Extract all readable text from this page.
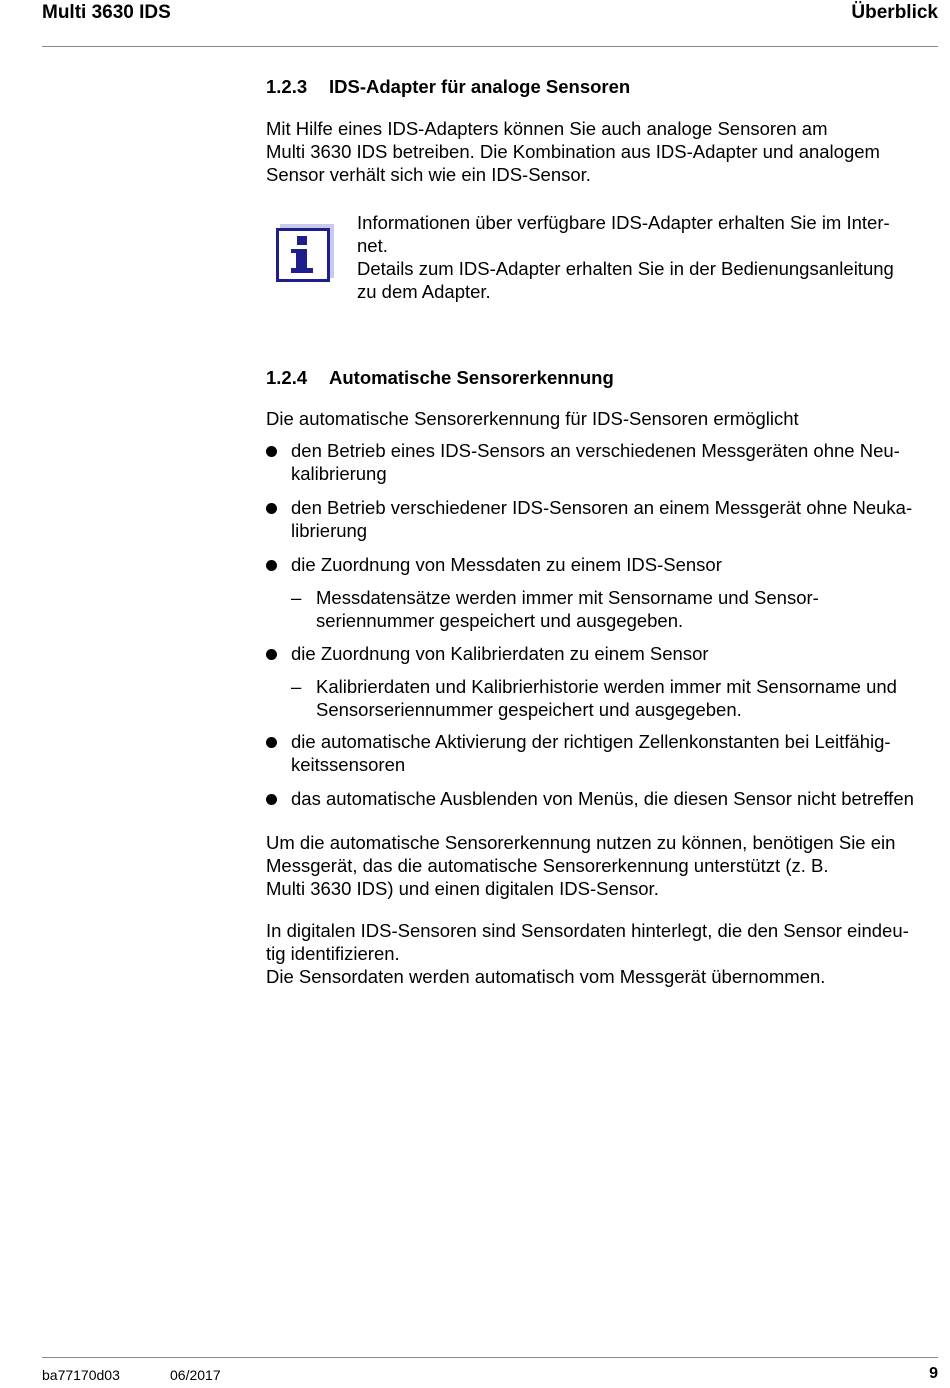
Multi 3630 IDS	Überblick
1.2.3 IDS-Adapter für analoge Sensoren
Mit Hilfe eines IDS-Adapters können Sie auch analoge Sensoren am
Multi 3630 IDS betreiben. Die Kombination aus IDS-Adapter und analogem
Sensor verhält sich wie ein IDS-Sensor.
Informationen über verfügbare IDS-Adapter erhalten Sie im Inter-
net.
Details zum IDS-Adapter erhalten Sie in der Bedienungsanleitung
zu dem Adapter.
1.2.4 Automatische Sensorerkennung
Die automatische Sensorerkennung für IDS-Sensoren ermöglicht
den Betrieb eines IDS-Sensors an verschiedenen Messgeräten ohne Neu-
kalibrierung
den Betrieb verschiedener IDS-Sensoren an einem Messgerät ohne Neuka-
librierung
die Zuordnung von Messdaten zu einem IDS-Sensor
– Messdatensätze werden immer mit Sensorname und Sensor-
seriennummer gespeichert und ausgegeben.
die Zuordnung von Kalibrierdaten zu einem Sensor
– Kalibrierdaten und Kalibrierhistorie werden immer mit Sensorname und
Sensorseriennummer gespeichert und ausgegeben.
die automatische Aktivierung der richtigen Zellenkonstanten bei Leitfähig-
keitssensoren
das automatische Ausblenden von Menüs, die diesen Sensor nicht betreffen
Um die automatische Sensorerkennung nutzen zu können, benötigen Sie ein
Messgerät, das die automatische Sensorerkennung unterstützt (z. B.
Multi 3630 IDS) und einen digitalen IDS-Sensor.
In digitalen IDS-Sensoren sind Sensordaten hinterlegt, die den Sensor eindeu-
tig identifizieren.
Die Sensordaten werden automatisch vom Messgerät übernommen.
ba77170d03	06/2017	9
